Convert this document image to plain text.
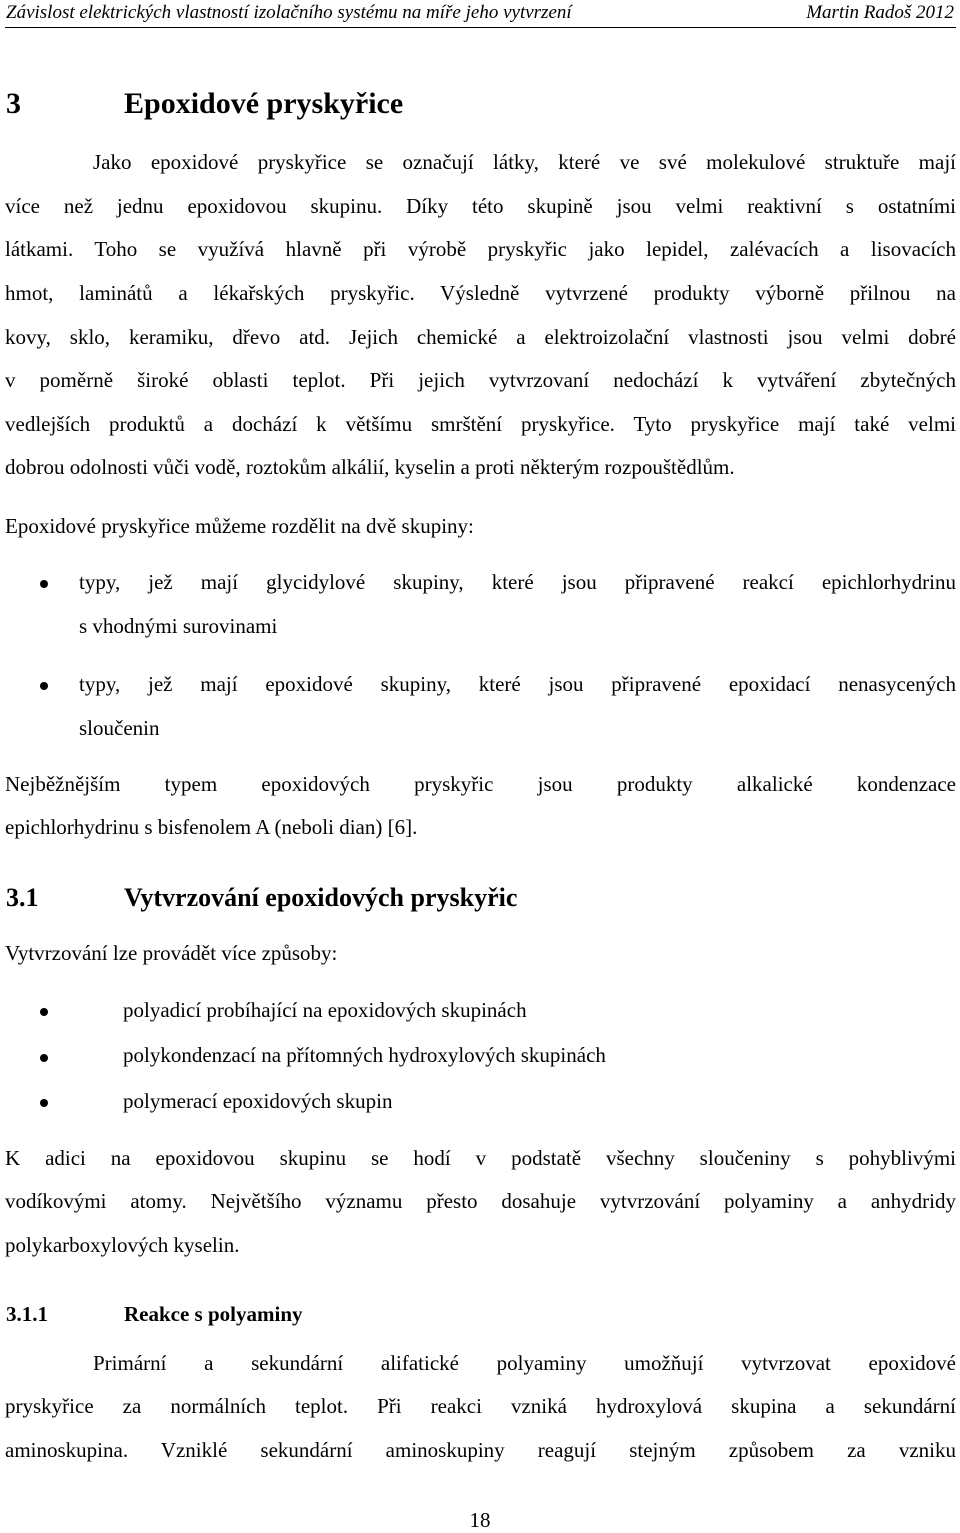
Závislost elektrických vlastností izolačního systému na míře jeho vytvrzení	Martin Radoš 2012
3	Epoxidové pryskyřice
Jako epoxidové pryskyřice se označují látky, které ve své molekulové struktuře mají
více než jednu epoxidovou skupinu. Díky této skupině jsou velmi reaktivní s ostatními
látkami. Toho se využívá hlavně při výrobě pryskyřic jako lepidel, zalévacích a lisovacích
hmot, laminátů a lékařských pryskyřic. Výsledně vytvrzené produkty výborně přilnou na
kovy, sklo, keramiku, dřevo atd. Jejich chemické a elektroizolační vlastnosti jsou velmi dobré
v poměrně široké oblasti teplot. Při jejich vytvrzovaní nedochází k vytváření zbytečných
vedlejších produktů a dochází k většímu smrštění pryskyřice. Tyto pryskyřice mají také velmi
dobrou odolnosti vůči vodě, roztokům alkálií, kyselin a proti některým rozpouštědlům.
Epoxidové pryskyřice můžeme rozdělit na dvě skupiny:
typy, jež mají glycidylové skupiny, které jsou připravené reakcí epichlorhydrinu
s vhodnými surovinami
typy, jež mají epoxidové skupiny, které jsou připravené epoxidací nenasycených
sloučenin
Nejběžnějším typem epoxidových pryskyřic jsou produkty alkalické kondenzace
epichlorhydrinu s bisfenolem A (neboli dian) [6].
3.1	Vytvrzování epoxidových pryskyřic
Vytvrzování lze provádět více způsoby:
polyadicí probíhající na epoxidových skupinách
polykondenzací na přítomných hydroxylových skupinách
polymerací epoxidových skupin
K adici na epoxidovou skupinu se hodí v podstatě všechny sloučeniny s pohyblivými
vodíkovými atomy. Největšího významu přesto dosahuje vytvrzování polyaminy a anhydridy
polykarboxylových kyselin.
3.1.1	Reakce s polyaminy
Primární a sekundární alifatické polyaminy umožňují vytvrzovat epoxidové
pryskyřice za normálních teplot. Při reakci vzniká hydroxylová skupina a sekundární
aminoskupina. Vzniklé sekundární aminoskupiny reagují stejným způsobem za vzniku
18
